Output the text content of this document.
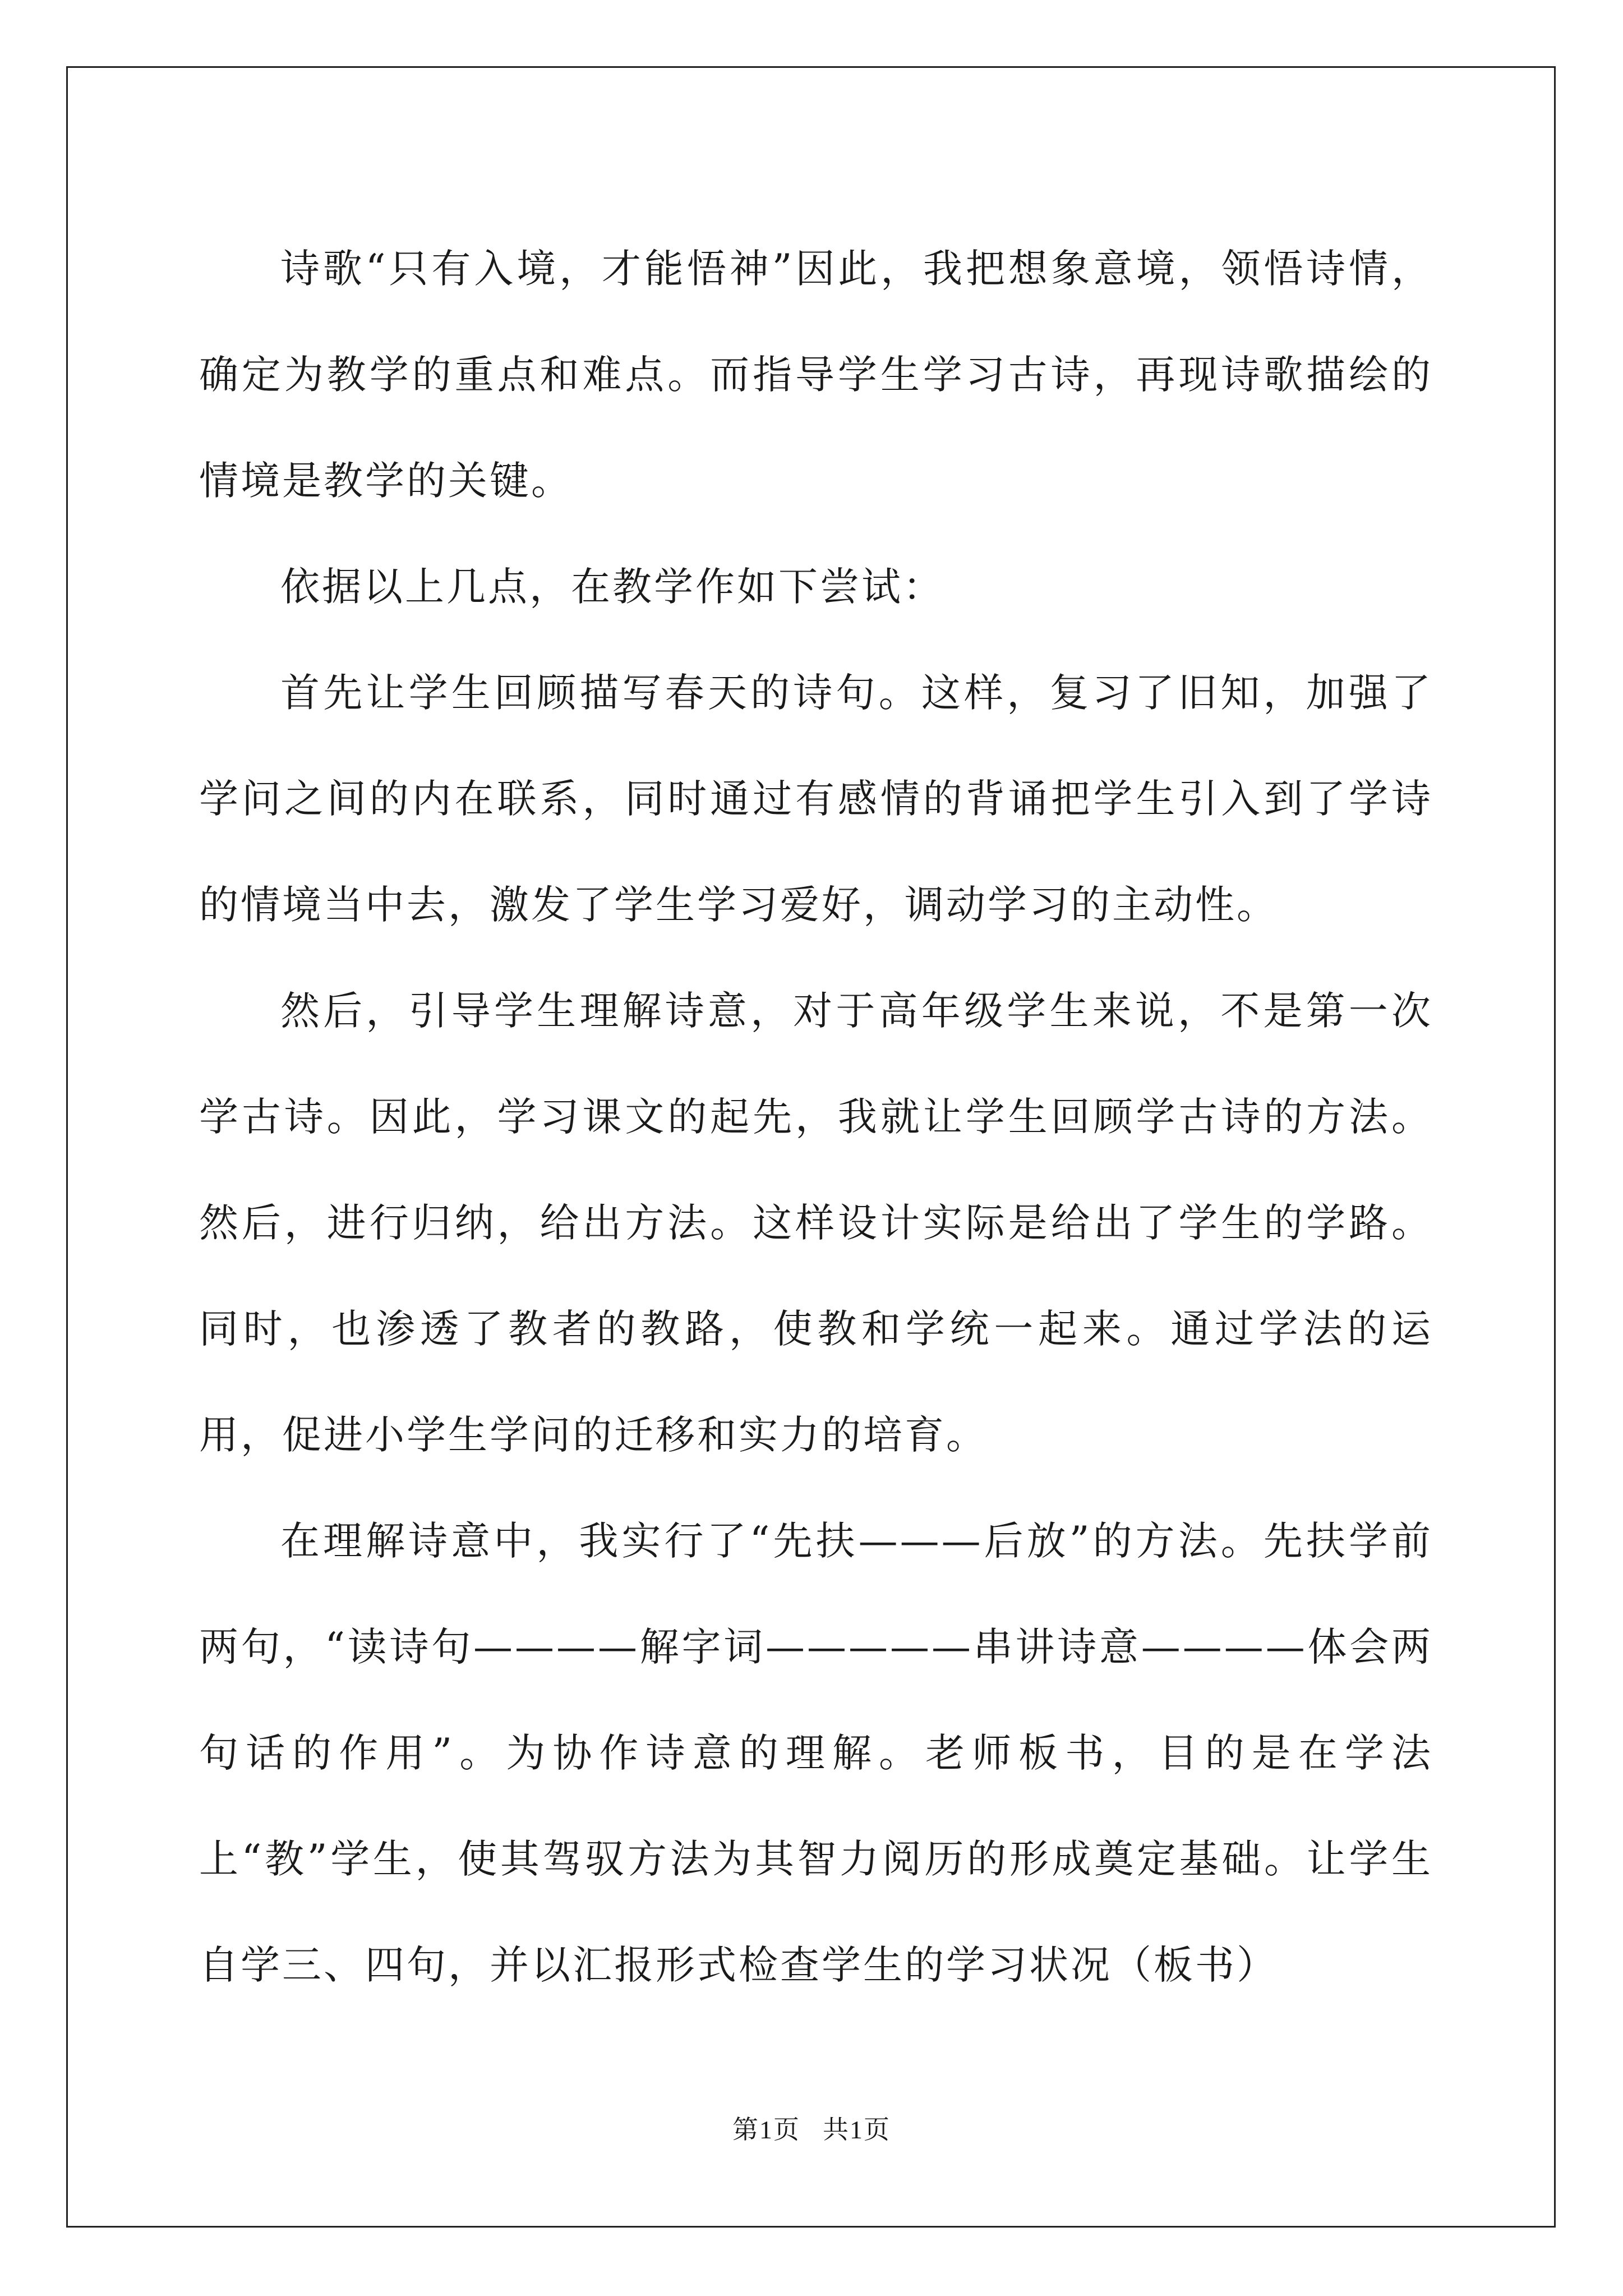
诗歌“只有入境，才能悟神”因此，我把想象意境，领悟诗情，确定为教学的重点和难点。而指导学生学习古诗，再现诗歌描绘的情境是教学的关键。

依据以上几点，在教学作如下尝试：

首先让学生回顾描写春天的诗句。这样，复习了旧知，加强了学问之间的内在联系，同时通过有感情的背诵把学生引入到了学诗的情境当中去，激发了学生学习爱好，调动学习的主动性。

然后，引导学生理解诗意，对于高年级学生来说，不是第一次学古诗。因此，学习课文的起先，我就让学生回顾学古诗的方法。然后，进行归纳，给出方法。这样设计实际是给出了学生的学路。同时，也渗透了教者的教路，使教和学统一起来。通过学法的运用，促进小学生学问的迁移和实力的培育。

在理解诗意中，我实行了“先扶———后放”的方法。先扶学前两句，“读诗句————解字词—————串讲诗意————体会两句话的作用”。为协作诗意的理解。老师板书，目的是在学法上“教”学生，使其驾驭方法为其智力阅历的形成奠定基础。让学生自学三、四句，并以汇报形式检查学生的学习状况（板书）

第1页 共1页
